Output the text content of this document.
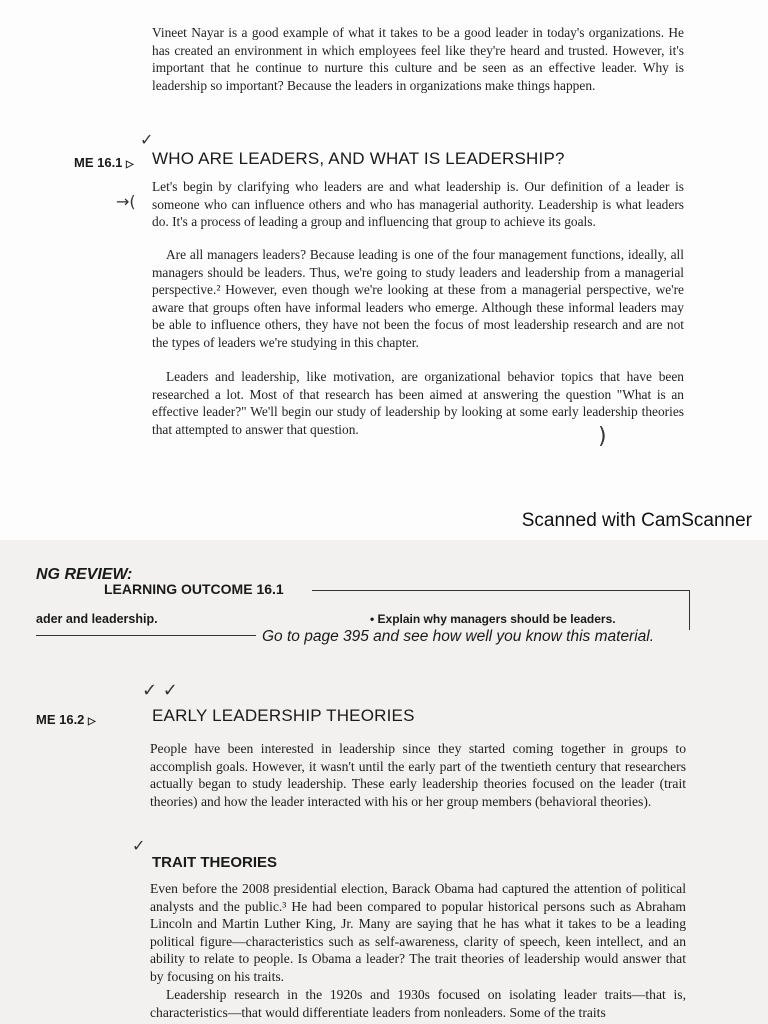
Vineet Nayar is a good example of what it takes to be a good leader in today's organizations. He has created an environment in which employees feel like they're heard and trusted. However, it's important that he continue to nurture this culture and be seen as an effective leader. Why is leadership so important? Because the leaders in organizations make things happen.

✓
ME 16.1 ▷ WHO ARE LEADERS, AND WHAT IS LEADERSHIP?
→(

Let's begin by clarifying who leaders are and what leadership is. Our definition of a leader is someone who can influence others and who has managerial authority. Leadership is what leaders do. It's a process of leading a group and influencing that group to achieve its goals.

Are all managers leaders? Because leading is one of the four management functions, ideally, all managers should be leaders. Thus, we're going to study leaders and leadership from a managerial perspective.² However, even though we're looking at these from a managerial perspective, we're aware that groups often have informal leaders who emerge. Although these informal leaders may be able to influence others, they have not been the focus of most leadership research and are not the types of leaders we're studying in this chapter.

Leaders and leadership, like motivation, are organizational behavior topics that have been researched a lot. Most of that research has been aimed at answering the question "What is an effective leader?" We'll begin our study of leadership by looking at some early leadership theories that attempted to answer that question.	)
Scanned with CamScanner
NG REVIEW:
LEARNING OUTCOME 16.1
ader and leadership.	• Explain why managers should be leaders.
Go to page 395 and see how well you know this material.
✓ ✓
ME 16.2 ▷	EARLY LEADERSHIP THEORIES

People have been interested in leadership since they started coming together in groups to accomplish goals. However, it wasn't until the early part of the twentieth century that researchers actually began to study leadership. These early leadership theories focused on the leader (trait theories) and how the leader interacted with his or her group members (behavioral theories).

✓
TRAIT THEORIES

Even before the 2008 presidential election, Barack Obama had captured the attention of political analysts and the public.³ He had been compared to popular historical persons such as Abraham Lincoln and Martin Luther King, Jr. Many are saying that he has what it takes to be a leading political figure—characteristics such as self-awareness, clarity of speech, keen intellect, and an ability to relate to people. Is Obama a leader? The trait theories of leadership would answer that by focusing on his traits.

Leadership research in the 1920s and 1930s focused on isolating leader traits—that is, characteristics—that would differentiate leaders from nonleaders. Some of the traits
